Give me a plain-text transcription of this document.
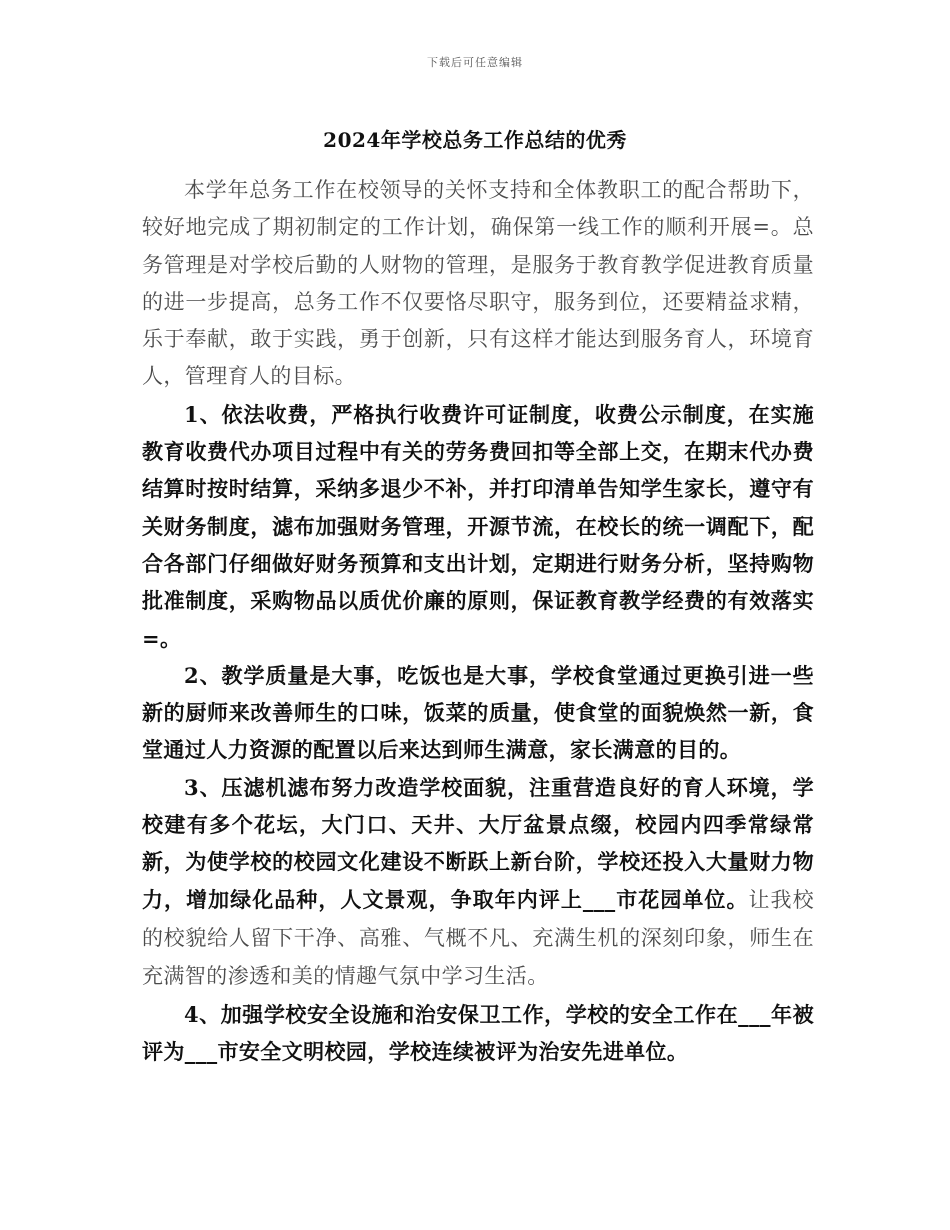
下载后可任意编辑
2024年学校总务工作总结的优秀

本学年总务工作在校领导的关怀支持和全体教职工的配合帮助下，较好地完成了期初制定的工作计划，确保第一线工作的顺利开展=。总务管理是对学校后勤的人财物的管理，是服务于教育教学促进教育质量的进一步提高，总务工作不仅要恪尽职守，服务到位，还要精益求精，乐于奉献，敢于实践，勇于创新，只有这样才能达到服务育人，环境育人，管理育人的目标。

1、依法收费，严格执行收费许可证制度，收费公示制度，在实施教育收费代办项目过程中有关的劳务费回扣等全部上交，在期末代办费结算时按时结算，采纳多退少不补，并打印清单告知学生家长，遵守有关财务制度，滤布加强财务管理，开源节流，在校长的统一调配下，配合各部门仔细做好财务预算和支出计划，定期进行财务分析，坚持购物批准制度，采购物品以质优价廉的原则，保证教育教学经费的有效落实=。

2、教学质量是大事，吃饭也是大事，学校食堂通过更换引进一些新的厨师来改善师生的口味，饭菜的质量，使食堂的面貌焕然一新，食堂通过人力资源的配置以后来达到师生满意，家长满意的目的。

3、压滤机滤布努力改造学校面貌，注重营造良好的育人环境，学校建有多个花坛，大门口、天井、大厅盆景点缀，校园内四季常绿常新，为使学校的校园文化建设不断跃上新台阶，学校还投入大量财力物力，增加绿化品种，人文景观，争取年内评上___市花园单位。让我校的校貌给人留下干净、高雅、气概不凡、充满生机的深刻印象，师生在充满智的渗透和美的情趣气氛中学习生活。

4、加强学校安全设施和治安保卫工作，学校的安全工作在___年被评为___市安全文明校园，学校连续被评为治安先进单位。
